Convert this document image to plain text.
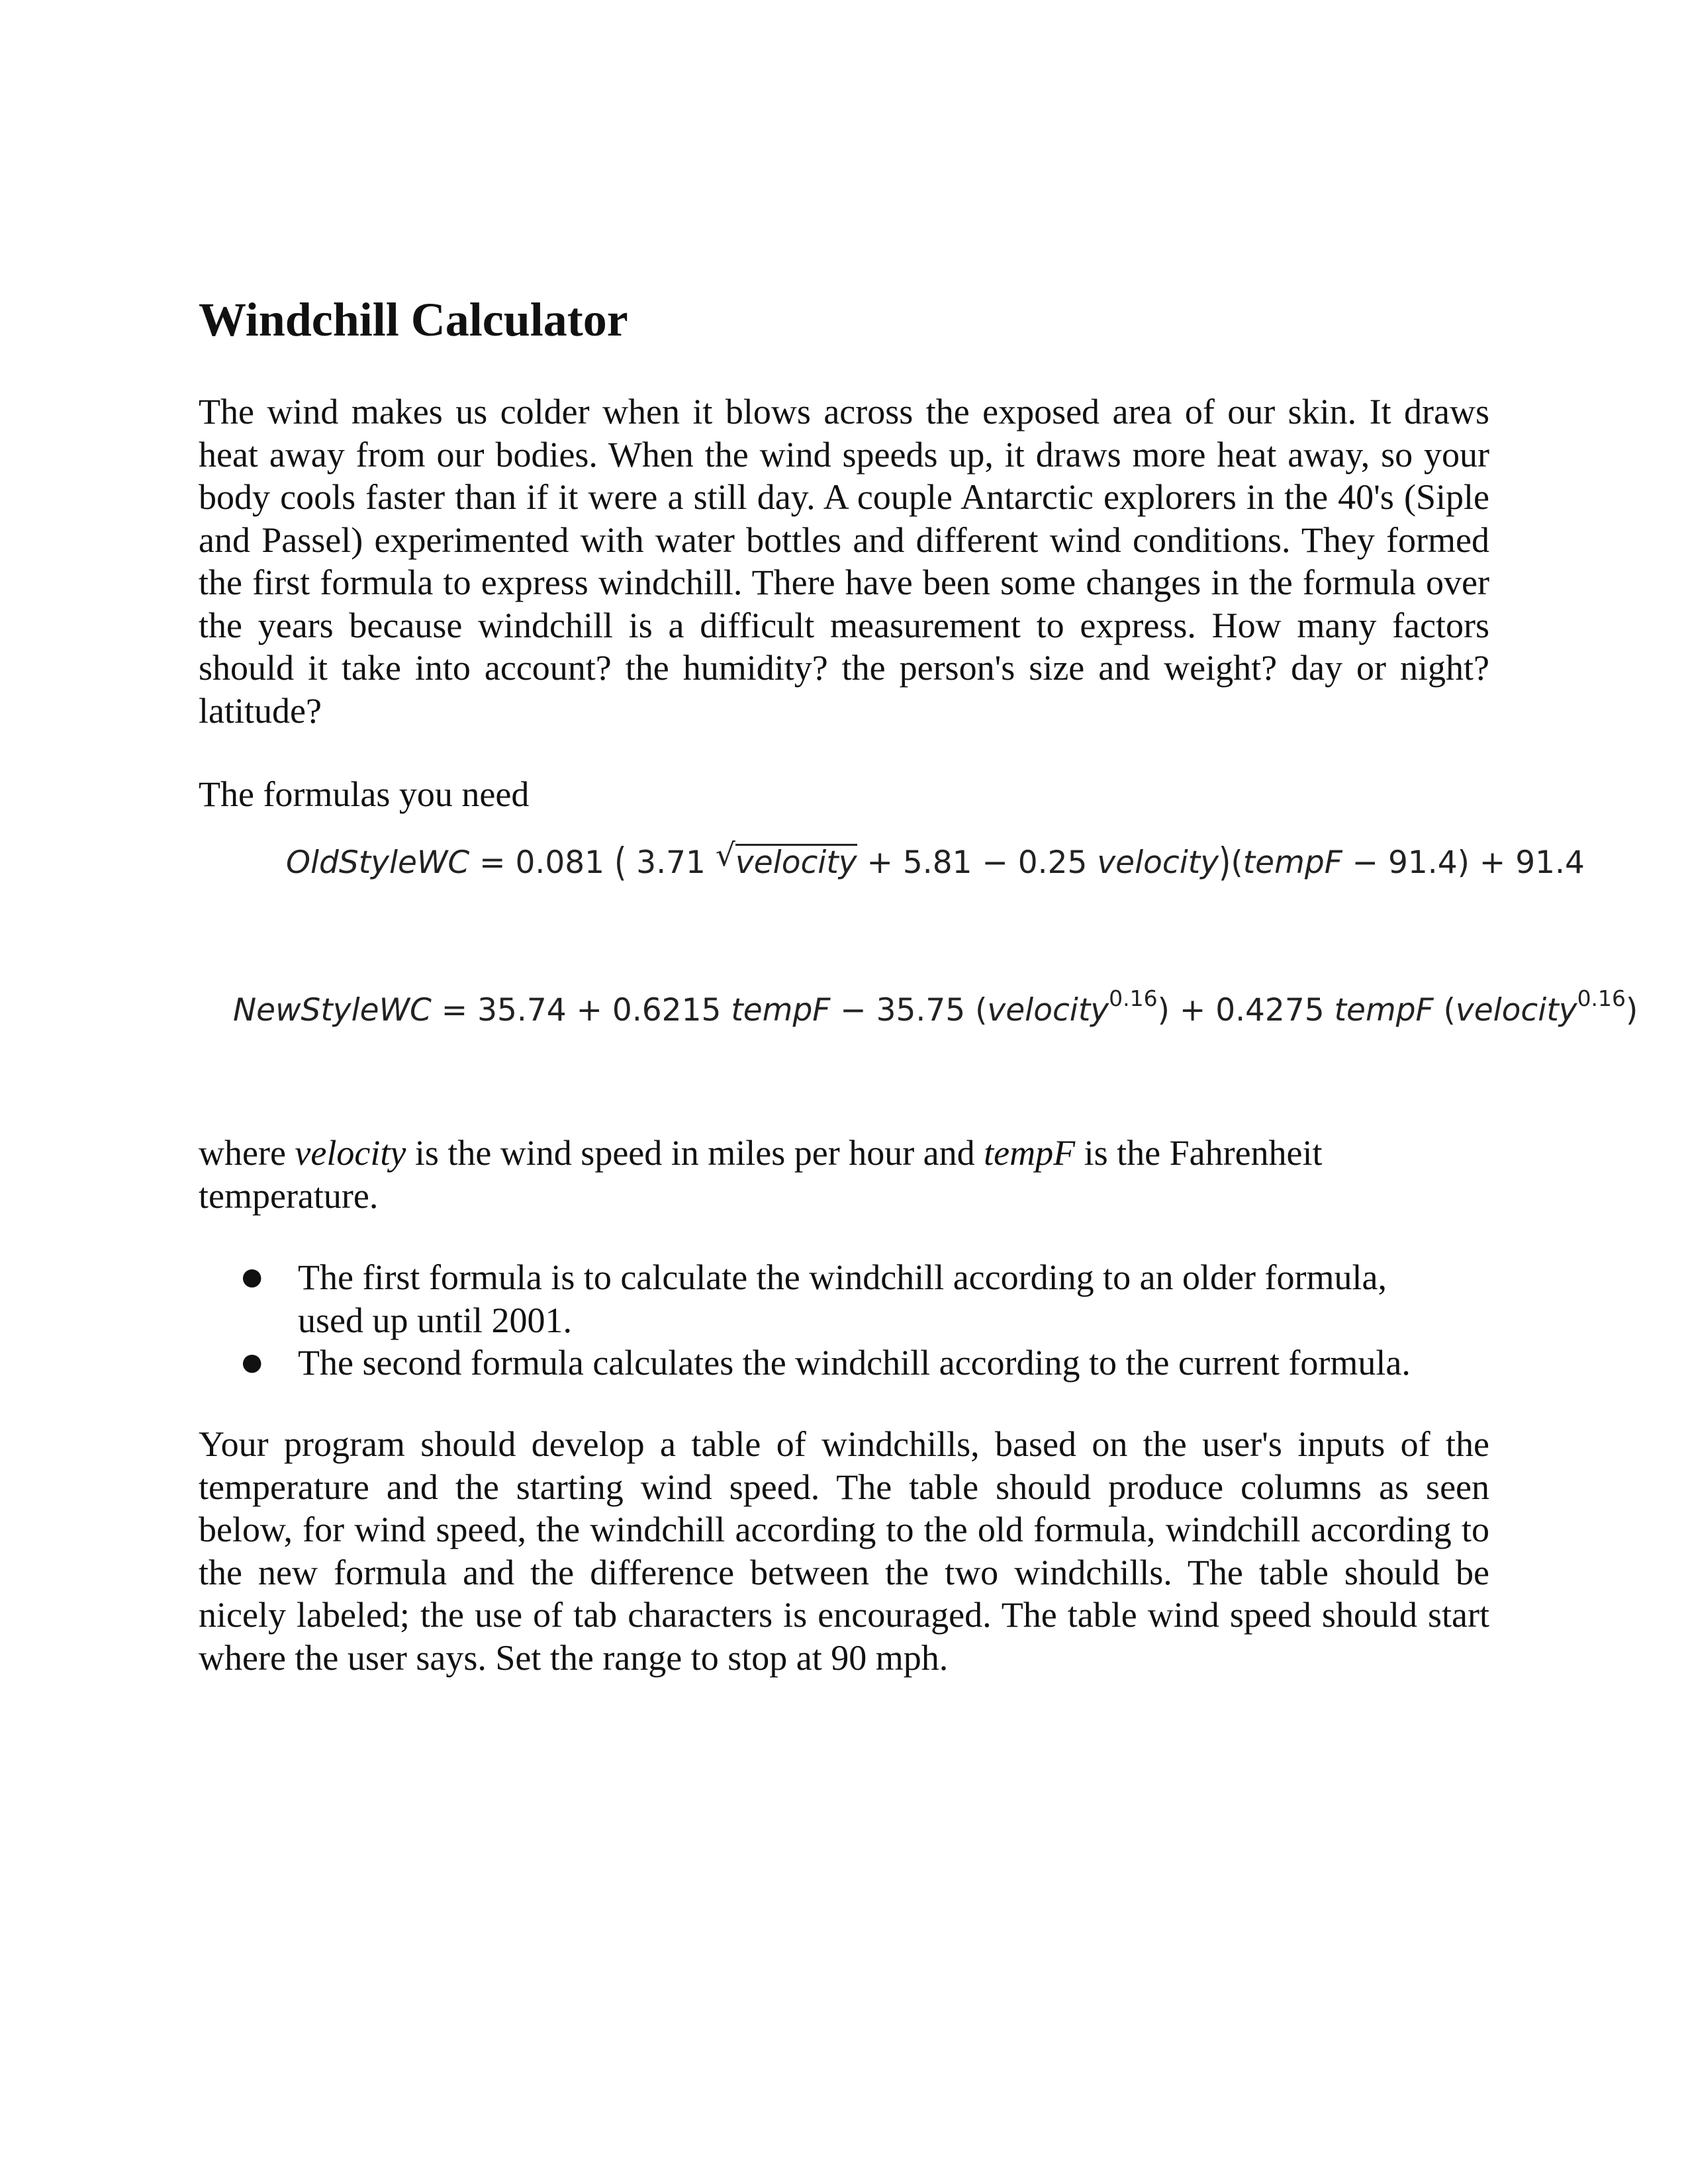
Windchill Calculator

The wind makes us colder when it blows across the exposed area of our skin. It draws heat away from our bodies. When the wind speeds up, it draws more heat away, so your body cools faster than if it were a still day. A couple Antarctic explorers in the 40's (Siple and Passel) experimented with water bottles and different wind conditions. They formed the first formula to express windchill. There have been some changes in the formula over the years because windchill is a difficult measurement to express. How many factors should it take into account? the humidity? the person's size and weight? day or night? latitude?

The formulas you need

OldStyleWC = 0.081 ( 3.71 √ velocity + 5.81 − 0.25 velocity)(tempF − 91.4) + 91.4
NewStyleWC = 35.74 + 0.6215 tempF − 35.75 (velocity$^{0.16}$) + 0.4275 tempF (velocity$^{0.16}$)

where velocity is the wind speed in miles per hour and tempF is the Fahrenheit temperature.

● The first formula is to calculate the windchill according to an older formula, used up until 2001.
● The second formula calculates the windchill according to the current formula.

Your program should develop a table of windchills, based on the user's inputs of the temperature and the starting wind speed. The table should produce columns as seen below, for wind speed, the windchill according to the old formula, windchill according to the new formula and the difference between the two windchills. The table should be nicely labeled; the use of tab characters is encouraged. The table wind speed should start where the user says. Set the range to stop at 90 mph.
